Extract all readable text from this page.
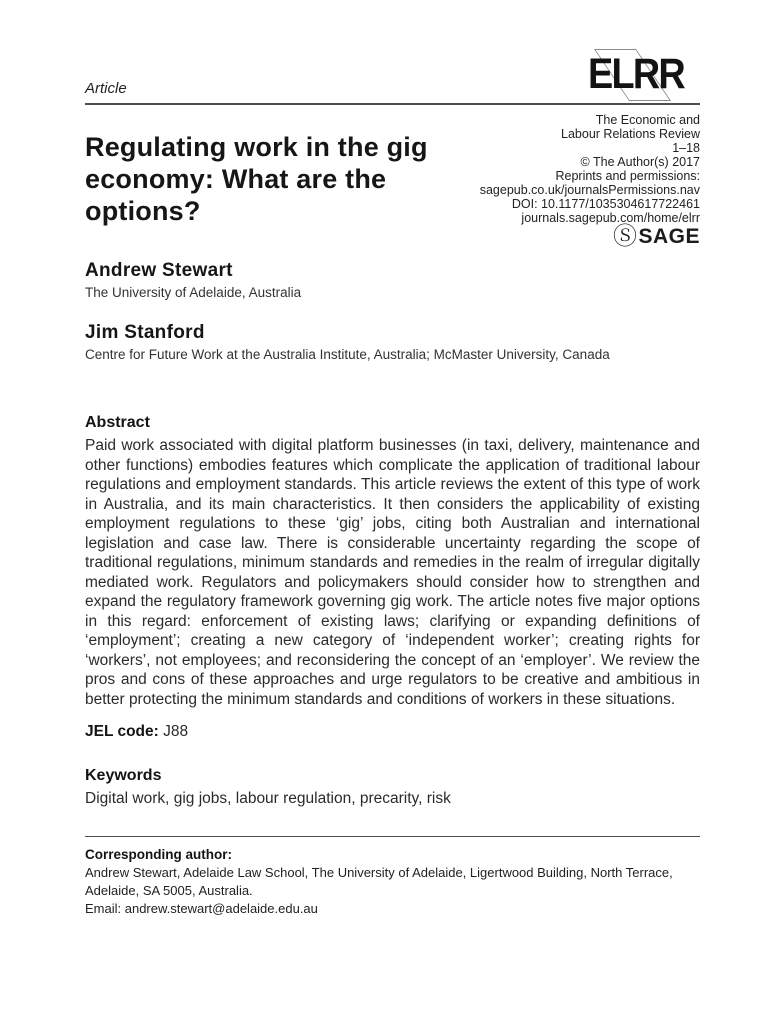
Article	ELRR
Regulating work in the gig economy: What are the options?
The Economic and
Labour Relations Review
1–18
© The Author(s) 2017
Reprints and permissions:
sagepub.co.uk/journalsPermissions.nav
DOI: 10.1177/1035304617722461
journals.sagepub.com/home/elrr
ⓈSAGE
Andrew Stewart
The University of Adelaide, Australia
Jim Stanford
Centre for Future Work at the Australia Institute, Australia; McMaster University, Canada
Abstract

Paid work associated with digital platform businesses (in taxi, delivery, maintenance and other functions) embodies features which complicate the application of traditional labour regulations and employment standards. This article reviews the extent of this type of work in Australia, and its main characteristics. It then considers the applicability of existing employment regulations to these ‘gig’ jobs, citing both Australian and international legislation and case law. There is considerable uncertainty regarding the scope of traditional regulations, minimum standards and remedies in the realm of irregular digitally mediated work. Regulators and policymakers should consider how to strengthen and expand the regulatory framework governing gig work. The article notes five major options in this regard: enforcement of existing laws; clarifying or expanding definitions of ‘employment’; creating a new category of ‘independent worker’; creating rights for ‘workers’, not employees; and reconsidering the concept of an ‘employer’. We review the pros and cons of these approaches and urge regulators to be creative and ambitious in better protecting the minimum standards and conditions of workers in these situations.

JEL code: J88
Keywords

Digital work, gig jobs, labour regulation, precarity, risk

Corresponding author:
Andrew Stewart, Adelaide Law School, The University of Adelaide, Ligertwood Building, North Terrace, Adelaide, SA 5005, Australia.
Email: andrew.stewart@adelaide.edu.au
